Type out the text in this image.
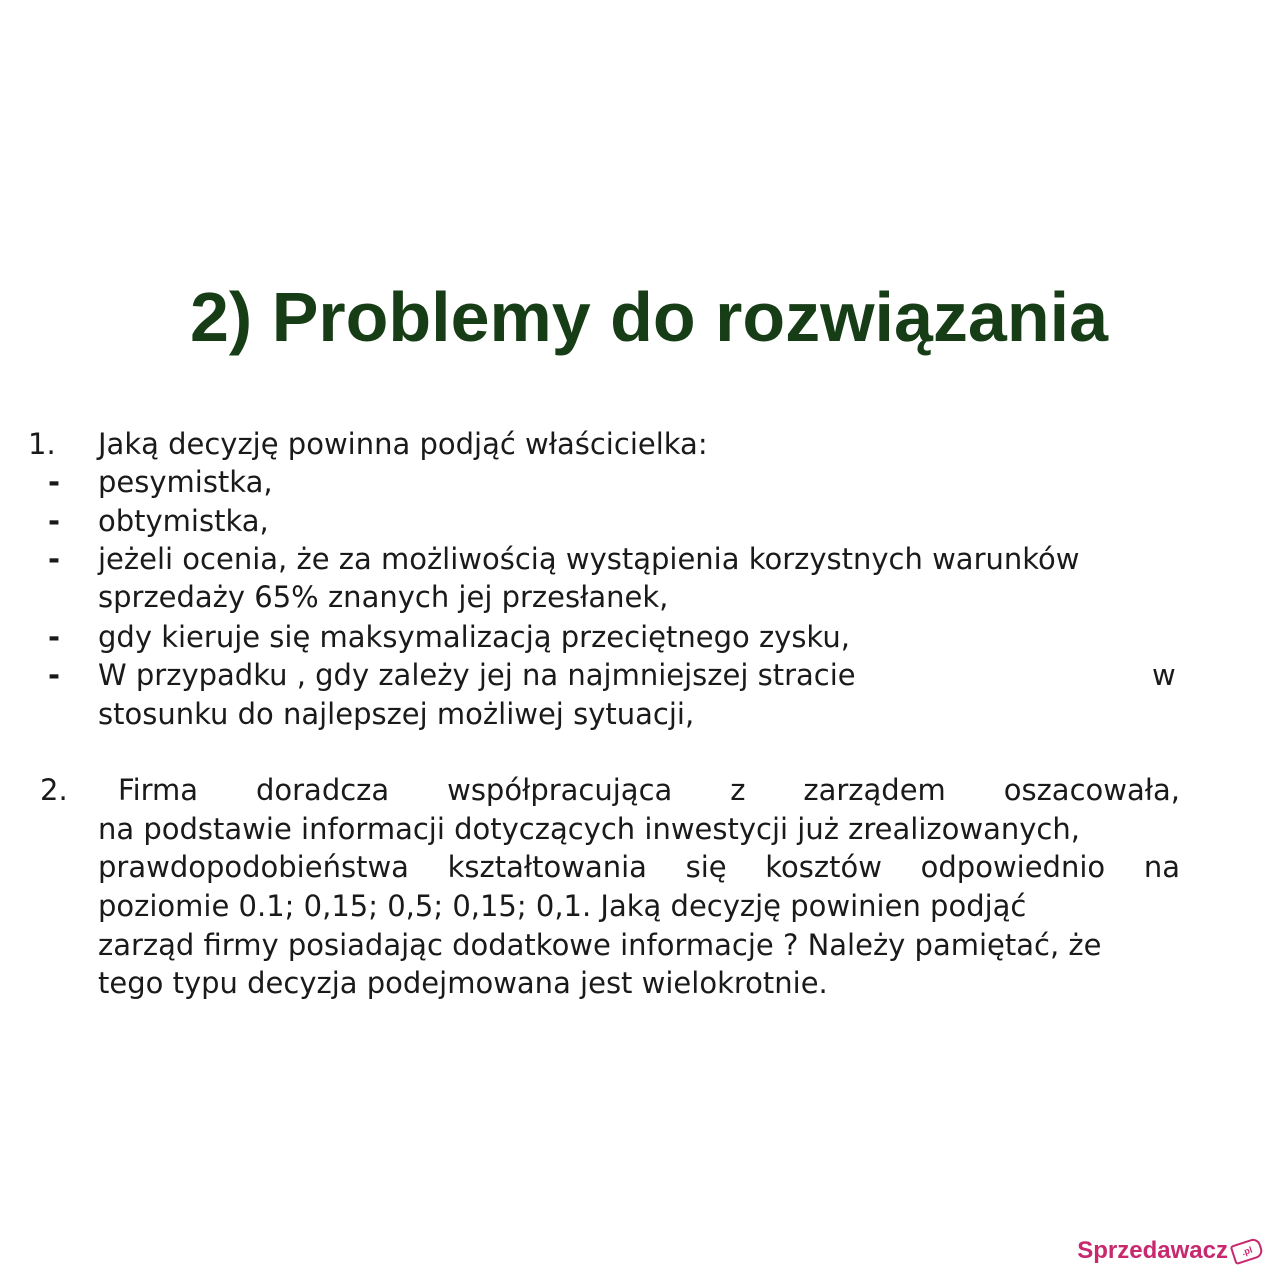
2) Problemy do rozwiązania
1. Jaką decyzję powinna podjąć właścicielka:
- pesymistka,
- obtymistka,
- jeżeli ocenia, że za możliwością wystąpienia korzystnych warunków
sprzedaży 65% znanych jej przesłanek,
- gdy kieruje się maksymalizacją przeciętnego zysku,
- W przypadku , gdy zależy jej na najmniejszej stracie	w
stosunku do najlepszej możliwej sytuacji,
2. Firma doradcza współpracująca z zarządem oszacowała,
na podstawie informacji dotyczących inwestycji już zrealizowanych,
prawdopodobieństwa kształtowania się kosztów odpowiednio na
poziomie 0.1; 0,15; 0,5; 0,15; 0,1. Jaką decyzję powinien podjąć
zarząd firmy posiadając dodatkowe informacje ? Należy pamiętać, że
tego typu decyzja podejmowana jest wielokrotnie.
Sprzedawacz	.pl
